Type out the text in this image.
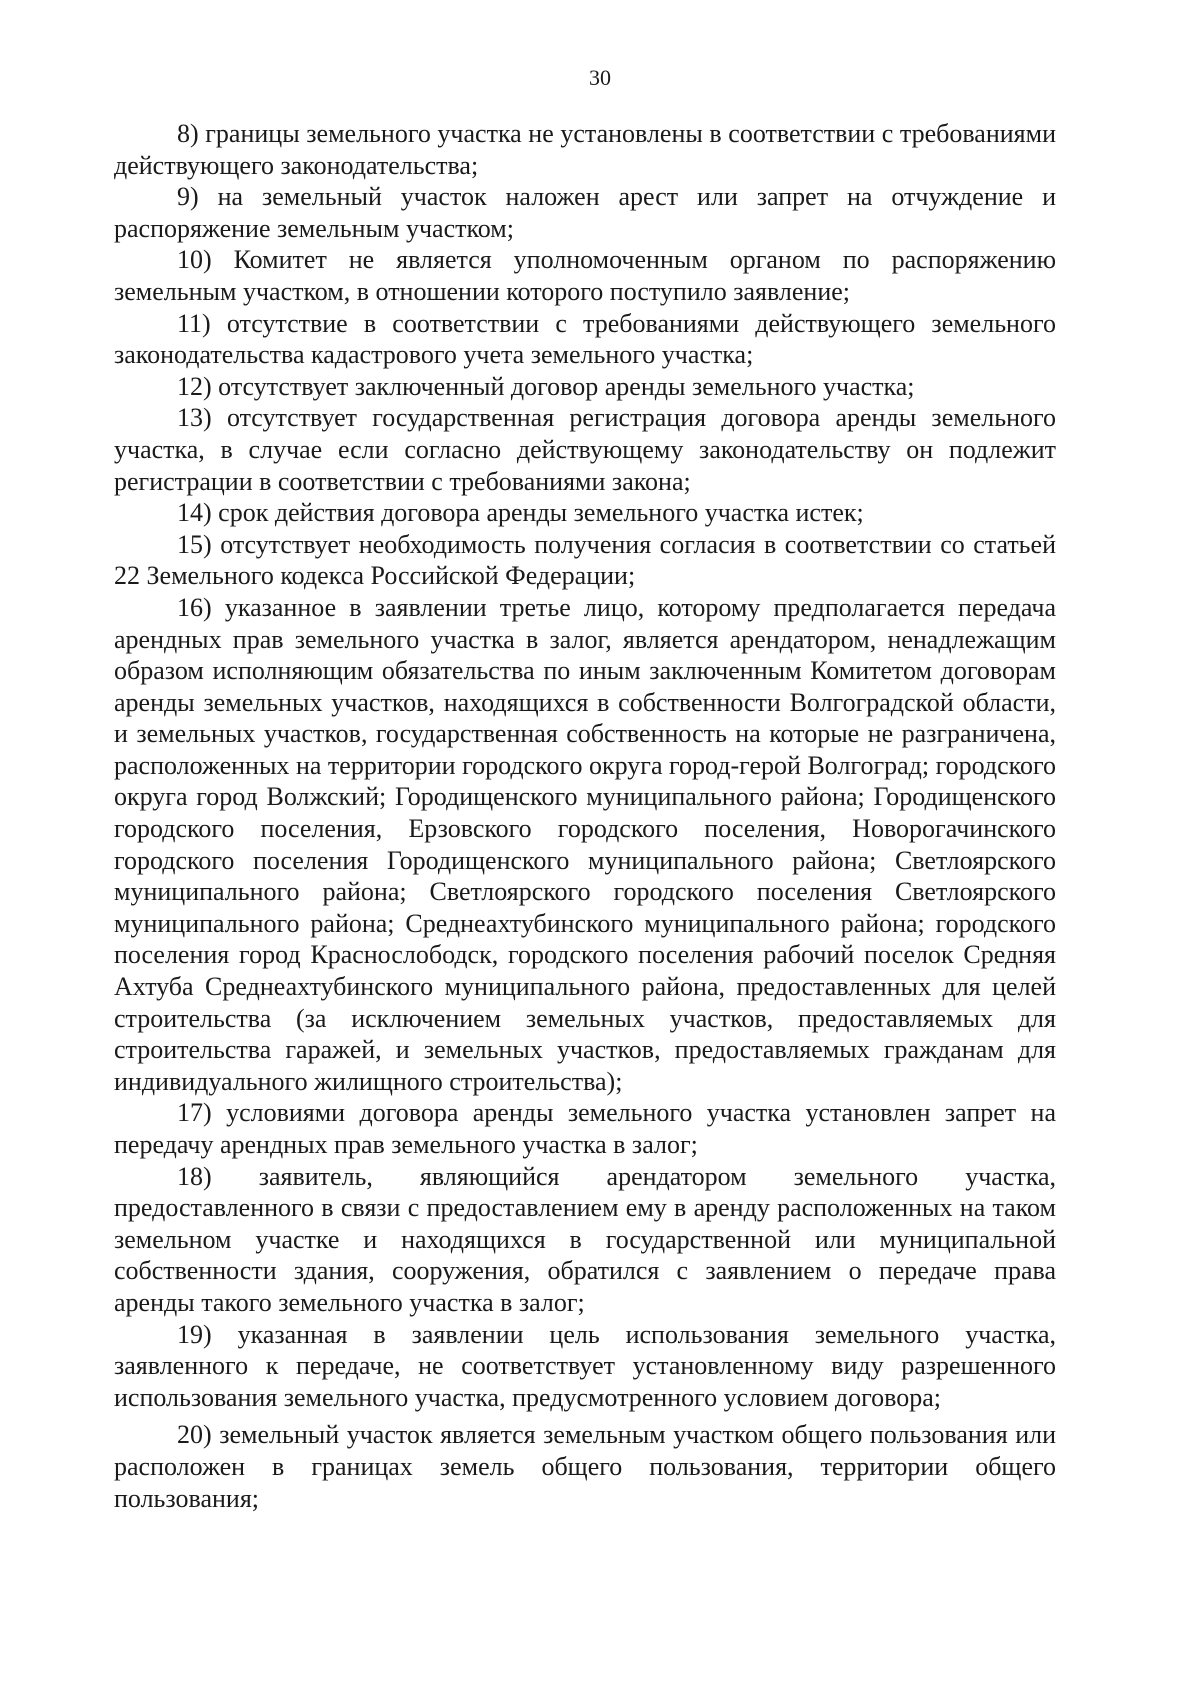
30

8) границы земельного участка не установлены в соответствии с требованиями действующего законодательства;

9) на земельный участок наложен арест или запрет на отчуждение и распоряжение земельным участком;

10) Комитет не является уполномоченным органом по распоряжению земельным участком, в отношении которого поступило заявление;

11) отсутствие в соответствии с требованиями действующего земельного законодательства кадастрового учета земельного участка;

12) отсутствует заключенный договор аренды земельного участка;

13) отсутствует государственная регистрация договора аренды земельного участка, в случае если согласно действующему законодательству он подлежит регистрации в соответствии с требованиями закона;

14) срок действия договора аренды земельного участка истек;

15) отсутствует необходимость получения согласия в соответствии со статьей 22 Земельного кодекса Российской Федерации;

16) указанное в заявлении третье лицо, которому предполагается передача арендных прав земельного участка в залог, является арендатором, ненадлежащим образом исполняющим обязательства по иным заключенным Комитетом договорам аренды земельных участков, находящихся в собственности Волгоградской области, и земельных участков, государственная собственность на которые не разграничена, расположенных на территории городского округа город-герой Волгоград; городского округа город Волжский; Городищенского муниципального района; Городищенского городского поселения, Ерзовского городского поселения, Новорогачинского городского поселения Городищенского муниципального района; Светлоярского муниципального района; Светлоярского городского поселения Светлоярского муниципального района; Среднеахтубинского муниципального района; городского поселения город Краснослободск, городского поселения рабочий поселок Средняя Ахтуба Среднеахтубинского муниципального района, предоставленных для целей строительства (за исключением земельных участков, предоставляемых для строительства гаражей, и земельных участков, предоставляемых гражданам для индивидуального жилищного строительства);

17) условиями договора аренды земельного участка установлен запрет на передачу арендных прав земельного участка в залог;

18) заявитель, являющийся арендатором земельного участка, предоставленного в связи с предоставлением ему в аренду расположенных на таком земельном участке и находящихся в государственной или муниципальной собственности здания, сооружения, обратился с заявлением о передаче права аренды такого земельного участка в залог;

19) указанная в заявлении цель использования земельного участка, заявленного к передаче, не соответствует установленному виду разрешенного использования земельного участка, предусмотренного условием договора;

20) земельный участок является земельным участком общего пользования или расположен в границах земель общего пользования, территории общего пользования;
